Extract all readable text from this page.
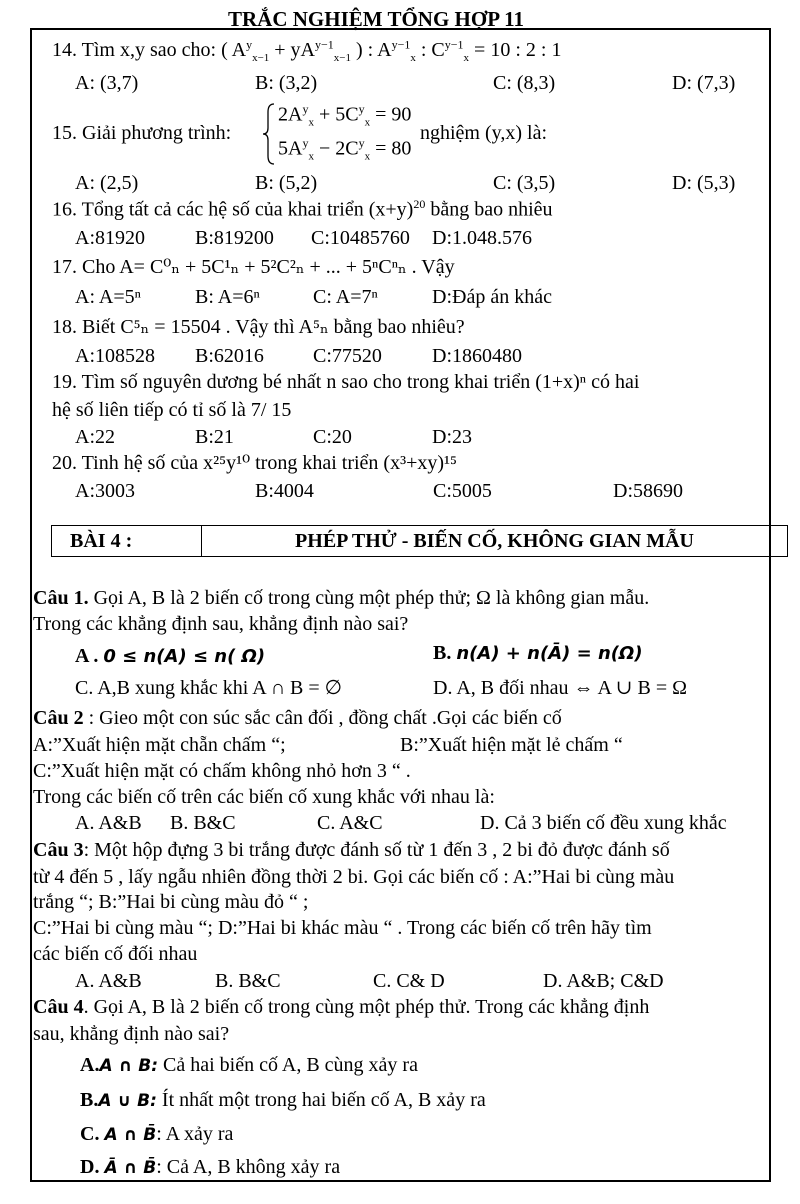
TRẮC NGHIỆM TỔNG HỢP 11
14. Tìm x,y sao cho: ( $A^y_{x-1} + yA^{y-1}_{x-1}$ ) : $A^{y-1}_x$ : $C^{y-1}_x = 10$ : 2 : 1
A: (3,7)	B: (3,2)	C: (8,3)	D: (7,3)
15. Giải phương trình:
$2A^y_x + 5C^y_x = 90$
$5A^y_x - 2C^y_x = 80$
nghiệm (y,x) là:
A: (2,5)	B: (5,2)	C: (3,5)	D: (5,3)
16. Tổng tất cả các hệ số của khai triển $(x+y)^{20}$ bằng bao nhiêu
A:81920	B:819200 C:10485760 D:1.048.576
17. Cho A= C⁰ₙ + 5C¹ₙ + 5²C²ₙ + ... + 5ⁿCⁿₙ . Vậy
A: A=5ⁿ	B: A=6ⁿ	C: A=7ⁿ	D:Đáp án khác
18. Biết C⁵ₙ = 15504 . Vậy thì A⁵ₙ bằng bao nhiêu?
A:108528 B:62016 C:77520	D:1860480
19. Tìm số nguyên dương bé nhất n sao cho trong khai triển (1+x)ⁿ có hai
hệ số liên tiếp có tỉ số là 7/ 15
A:22	B:21	C:20	D:23
20. Tinh hệ số của x²⁵y¹⁰ trong khai triển (x³+xy)¹⁵
A:3003	B:4004	C:5005	D:58690
BÀI 4 :	PHÉP THỬ - BIẾN CỐ, KHÔNG GIAN MẪU
Câu 1. Gọi A, B là 2 biến cố trong cùng một phép thử; Ω là không gian mẫu.
Trong các khẳng định sau, khẳng định nào sai?
A . 0 ≤ n(A) ≤ n( Ω)	B. n(A) + n(Ā) = n(Ω)
C. A,B xung khắc khi A ∩ B = ∅	D. A, B đối nhau ⇔ A ∪ B = Ω
Câu 2 : Gieo một con súc sắc cân đối , đồng chất .Gọi các biến cố
A:”Xuất hiện mặt chẵn chấm “;	B:”Xuất hiện mặt lẻ chấm “
C:”Xuất hiện mặt có chấm không nhỏ hơn 3 “ .
Trong các biến cố trên các biến cố xung khắc với nhau là:
A. A&B B. B&C	C. A&C	D. Cả 3 biến cố đều xung khắc
Câu 3: Một hộp đựng 3 bi trắng được đánh số từ 1 đến 3 , 2 bi đỏ được đánh số
từ 4 đến 5 , lấy ngẫu nhiên đồng thời 2 bi. Gọi các biến cố : A:”Hai bi cùng màu
trắng “; B:”Hai bi cùng màu đỏ “ ;
C:”Hai bi cùng màu “; D:”Hai bi khác màu “ . Trong các biến cố trên hãy tìm
các biến cố đối nhau
A. A&B	B. B&C	C. C& D	D. A&B; C&D
Câu 4. Gọi A, B là 2 biến cố trong cùng một phép thử. Trong các khẳng định
sau, khẳng định nào sai?
A.A ∩ B: Cả hai biến cố A, B cùng xảy ra
B.A ∪ B: Ít nhất một trong hai biến cố A, B xảy ra
C. A ∩ B̄: A xảy ra
D. Ā ∩ B̄: Cả A, B không xảy ra
